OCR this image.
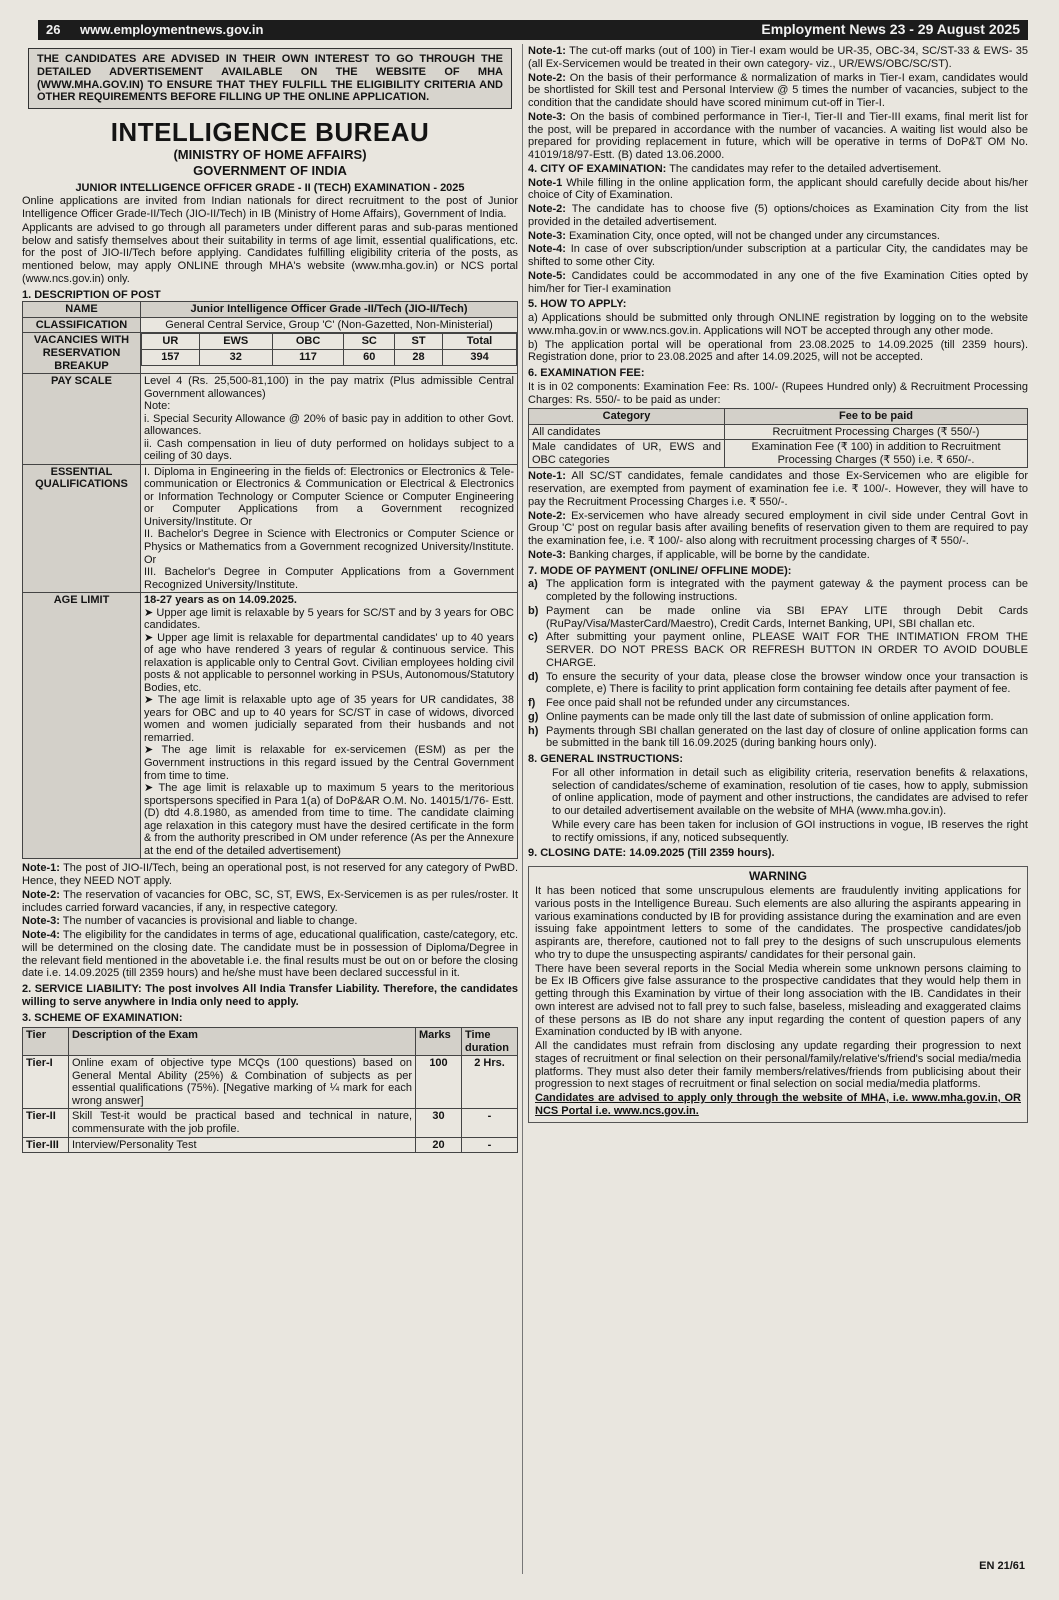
26 www.employmentnews.gov.in	Employment News 23 - 29 August 2025
THE CANDIDATES ARE ADVISED IN THEIR OWN INTEREST TO GO THROUGH THE DETAILED ADVERTISEMENT AVAILABLE ON THE WEBSITE OF MHA (WWW.MHA.GOV.IN) TO ENSURE THAT THEY FULFILL THE ELIGIBILITY CRITERIA AND OTHER REQUIREMENTS BEFORE FILLING UP THE ONLINE APPLICATION.
INTELLIGENCE BUREAU
(MINISTRY OF HOME AFFAIRS)
GOVERNMENT OF INDIA
JUNIOR INTELLIGENCE OFFICER GRADE - II (TECH) EXAMINATION - 2025

Online applications are invited from Indian nationals for direct recruitment to the post of Junior Intelligence Officer Grade-II/Tech (JIO-II/Tech) in IB (Ministry of Home Affairs), Government of India.

Applicants are advised to go through all parameters under different paras and sub-paras mentioned below and satisfy themselves about their suitability in terms of age limit, essential qualifications, etc. for the post of JIO-II/Tech before applying. Candidates fulfilling eligibility criteria of the posts, as mentioned below, may apply ONLINE through MHA's website (www.mha.gov.in) or NCS portal (www.ncs.gov.in) only.

1. DESCRIPTION OF POST
NAME	Junior Intelligence Officer Grade -II/Tech (JIO-II/Tech)
CLASSIFICATION	General Central Service, Group 'C' (Non-Gazetted, Non-Ministerial)
VACANCIES WITH RESERVATION BREAKUP	
UR	EWS	OBC	SC	ST	Total
157	32	117	60	28	394

PAY SCALE	Level 4 (Rs. 25,500-81,100) in the pay matrix (Plus admissible Central Government allowances)
Note:
i. Special Security Allowance @ 20% of basic pay in addition to other Govt. allowances.
ii. Cash compensation in lieu of duty performed on holidays subject to a ceiling of 30 days.

ESSENTIAL QUALIFICATIONS	
I. Diploma in Engineering in the fields of: Electronics or Electronics & Tele-communication or Electronics & Communication or Electrical & Electronics or Information Technology or Computer Science or Computer Engineering or Computer Applications from a Government recognized University/Institute. Or
II. Bachelor's Degree in Science with Electronics or Computer Science or Physics or Mathematics from a Government recognized University/Institute. Or
III. Bachelor's Degree in Computer Applications from a Government Recognized University/Institute.

AGE LIMIT	18-27 years as on 14.09.2025.
➤ Upper age limit is relaxable by 5 years for SC/ST and by 3 years for OBC candidates.
➤ Upper age limit is relaxable for departmental candidates' up to 40 years of age who have rendered 3 years of regular & continuous service. This relaxation is applicable only to Central Govt. Civilian employees holding civil posts & not applicable to personnel working in PSUs, Autonomous/Statutory Bodies, etc.
➤ The age limit is relaxable upto age of 35 years for UR candidates, 38 years for OBC and up to 40 years for SC/ST in case of widows, divorced women and women judicially separated from their husbands and not remarried.
➤ The age limit is relaxable for ex-servicemen (ESM) as per the Government instructions in this regard issued by the Central Government from time to time.
➤ The age limit is relaxable up to maximum 5 years to the meritorious sportspersons specified in Para 1(a) of DoP&AR O.M. No. 14015/1/76- Estt.(D) dtd 4.8.1980, as amended from time to time. The candidate claiming age relaxation in this category must have the desired certificate in the form & from the authority prescribed in OM under reference (As per the Annexure at the end of the detailed advertisement)

Note-1: The post of JIO-II/Tech, being an operational post, is not reserved for any category of PwBD. Hence, they NEED NOT apply.

Note-2: The reservation of vacancies for OBC, SC, ST, EWS, Ex-Servicemen is as per rules/roster. It includes carried forward vacancies, if any, in respective category.

Note-3: The number of vacancies is provisional and liable to change.

Note-4: The eligibility for the candidates in terms of age, educational qualification, caste/category, etc. will be determined on the closing date. The candidate must be in possession of Diploma/Degree in the relevant field mentioned in the abovetable i.e. the final results must be out on or before the closing date i.e. 14.09.2025 (till 2359 hours) and he/she must have been declared successful in it.

2. SERVICE LIABILITY: The post involves All India Transfer Liability. Therefore, the candidates willing to serve anywhere in India only need to apply.

3. SCHEME OF EXAMINATION:
Tier	Description of the Exam	Marks	Time duration
Tier-I	Online exam of objective type MCQs (100 questions) based on General Mental Ability (25%) & Combination of subjects as per essential qualifications (75%). [Negative marking of ¼ mark for each wrong answer]	100	2 Hrs.
Tier-II	Skill Test-it would be practical based and technical in nature, commensurate with the job profile.	30	-
Tier-III	Interview/Personality Test	20	-

Note-1: The cut-off marks (out of 100) in Tier-I exam would be UR-35, OBC-34, SC/ST-33 & EWS- 35 (all Ex-Servicemen would be treated in their own category- viz., UR/EWS/OBC/SC/ST).

Note-2: On the basis of their performance & normalization of marks in Tier-I exam, candidates would be shortlisted for Skill test and Personal Interview @ 5 times the number of vacancies, subject to the condition that the candidate should have scored minimum cut-off in Tier-I.

Note-3: On the basis of combined performance in Tier-I, Tier-II and Tier-III exams, final merit list for the post, will be prepared in accordance with the number of vacancies. A waiting list would also be prepared for providing replacement in future, which will be operative in terms of DoP&T OM No. 41019/18/97-Estt. (B) dated 13.06.2000.

4. CITY OF EXAMINATION: The candidates may refer to the detailed advertisement.

Note-1 While filling in the online application form, the applicant should carefully decide about his/her choice of City of Examination.

Note-2: The candidate has to choose five (5) options/choices as Examination City from the list provided in the detailed advertisement.

Note-3: Examination City, once opted, will not be changed under any circumstances.

Note-4: In case of over subscription/under subscription at a particular City, the candidates may be shifted to some other City.

Note-5: Candidates could be accommodated in any one of the five Examination Cities opted by him/her for Tier-I examination

5. HOW TO APPLY:

a) Applications should be submitted only through ONLINE registration by logging on to the website www.mha.gov.in or www.ncs.gov.in. Applications will NOT be accepted through any other mode.

b) The application portal will be operational from 23.08.2025 to 14.09.2025 (till 2359 hours). Registration done, prior to 23.08.2025 and after 14.09.2025, will not be accepted.

6. EXAMINATION FEE:

It is in 02 components: Examination Fee: Rs. 100/- (Rupees Hundred only) & Recruitment Processing Charges: Rs. 550/- to be paid as under:

Category	Fee to be paid
All candidates	Recruitment Processing Charges (₹ 550/-)
Male candidates of UR, EWS and OBC categories	Examination Fee (₹ 100) in addition to Recruitment Processing Charges (₹ 550) i.e. ₹ 650/-.

Note-1: All SC/ST candidates, female candidates and those Ex-Servicemen who are eligible for reservation, are exempted from payment of examination fee i.e. ₹ 100/-. However, they will have to pay the Recruitment Processing Charges i.e. ₹ 550/-.

Note-2: Ex-servicemen who have already secured employment in civil side under Central Govt in Group 'C' post on regular basis after availing benefits of reservation given to them are required to pay the examination fee, i.e. ₹ 100/- also along with recruitment processing charges of ₹ 550/-.

Note-3: Banking charges, if applicable, will be borne by the candidate.

7. MODE OF PAYMENT (ONLINE/ OFFLINE MODE):
a) The application form is integrated with the payment gateway & the payment process can be completed by the following instructions.
b) Payment can be made online via SBI EPAY LITE through Debit Cards (RuPay/Visa/MasterCard/Maestro), Credit Cards, Internet Banking, UPI, SBI challan etc.
c) After submitting your payment online, PLEASE WAIT FOR THE INTIMATION FROM THE SERVER. DO NOT PRESS BACK OR REFRESH BUTTON IN ORDER TO AVOID DOUBLE CHARGE.
d) To ensure the security of your data, please close the browser window once your transaction is complete, e) There is facility to print application form containing fee details after payment of fee.
f) Fee once paid shall not be refunded under any circumstances.
g) Online payments can be made only till the last date of submission of online application form.
h) Payments through SBI challan generated on the last day of closure of online application forms can be submitted in the bank till 16.09.2025 (during banking hours only).
8. GENERAL INSTRUCTIONS:

For all other information in detail such as eligibility criteria, reservation benefits & relaxations, selection of candidates/scheme of examination, resolution of tie cases, how to apply, submission of online application, mode of payment and other instructions, the candidates are advised to refer to our detailed advertisement available on the website of MHA (www.mha.gov.in).

While every care has been taken for inclusion of GOI instructions in vogue, IB reserves the right to rectify omissions, if any, noticed subsequently.

9. CLOSING DATE: 14.09.2025 (Till 2359 hours).
WARNING

It has been noticed that some unscrupulous elements are fraudulently inviting applications for various posts in the Intelligence Bureau. Such elements are also alluring the aspirants appearing in various examinations conducted by IB for providing assistance during the examination and are even issuing fake appointment letters to some of the candidates. The prospective candidates/job aspirants are, therefore, cautioned not to fall prey to the designs of such unscrupulous elements who try to dupe the unsuspecting aspirants/ candidates for their personal gain.

There have been several reports in the Social Media wherein some unknown persons claiming to be Ex IB Officers give false assurance to the prospective candidates that they would help them in getting through this Examination by virtue of their long association with the IB. Candidates in their own interest are advised not to fall prey to such false, baseless, misleading and exaggerated claims of these persons as IB do not share any input regarding the content of question papers of any Examination conducted by IB with anyone.

All the candidates must refrain from disclosing any update regarding their progression to next stages of recruitment or final selection on their personal/family/relative's/friend's social media/media platforms. They must also deter their family members/relatives/friends from publicising about their progression to next stages of recruitment or final selection on social media/media platforms.

Candidates are advised to apply only through the website of MHA, i.e. www.mha.gov.in, OR NCS Portal i.e. www.ncs.gov.in.

EN 21/61
